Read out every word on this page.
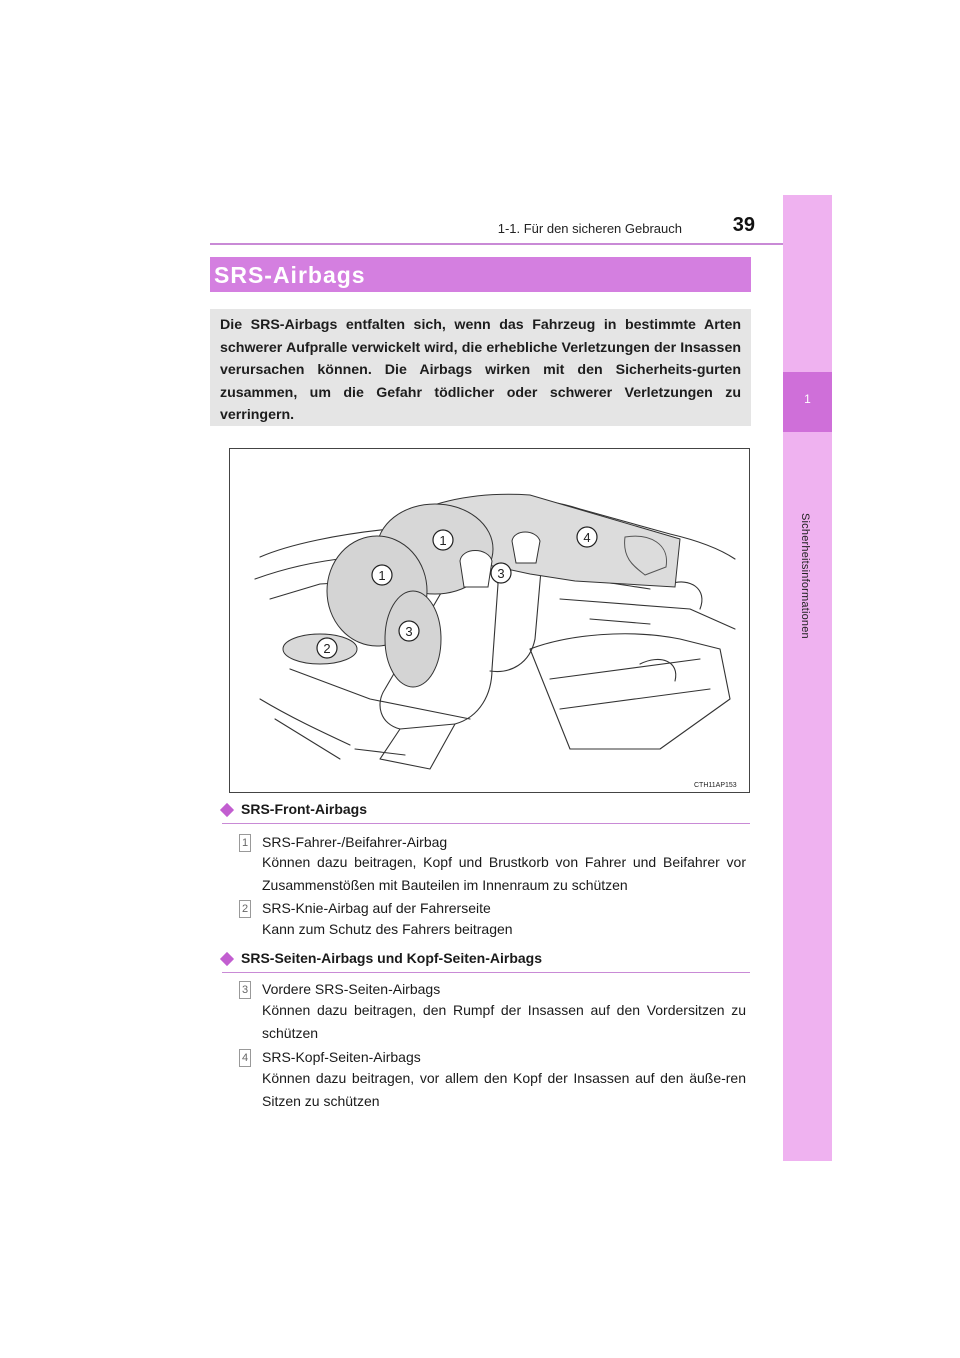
1-1. Für den sicheren Gebrauch	39
1
Sicherheitsinformationen
SRS-Airbags

Die SRS-Airbags entfalten sich, wenn das Fahrzeug in bestimmte Arten schwerer Aufpralle verwickelt wird, die erhebliche Verletzungen der Insassen verursachen können. Die Airbags wirken mit den Sicherheits-gurten zusammen, um die Gefahr tödlicher oder schwerer Verletzungen zu verringern.

1
1
2
3
3
4
CTH11AP153
SRS-Front-Airbags
1 SRS-Fahrer-/Beifahrer-Airbag

Können dazu beitragen, Kopf und Brustkorb von Fahrer und Beifahrer vor Zusammenstößen mit Bauteilen im Innenraum zu schützen

2 SRS-Knie-Airbag auf der Fahrerseite

Kann zum Schutz des Fahrers beitragen

SRS-Seiten-Airbags und Kopf-Seiten-Airbags
3 Vordere SRS-Seiten-Airbags

Können dazu beitragen, den Rumpf der Insassen auf den Vordersitzen zu schützen

4 SRS-Kopf-Seiten-Airbags

Können dazu beitragen, vor allem den Kopf der Insassen auf den äuße-ren Sitzen zu schützen
